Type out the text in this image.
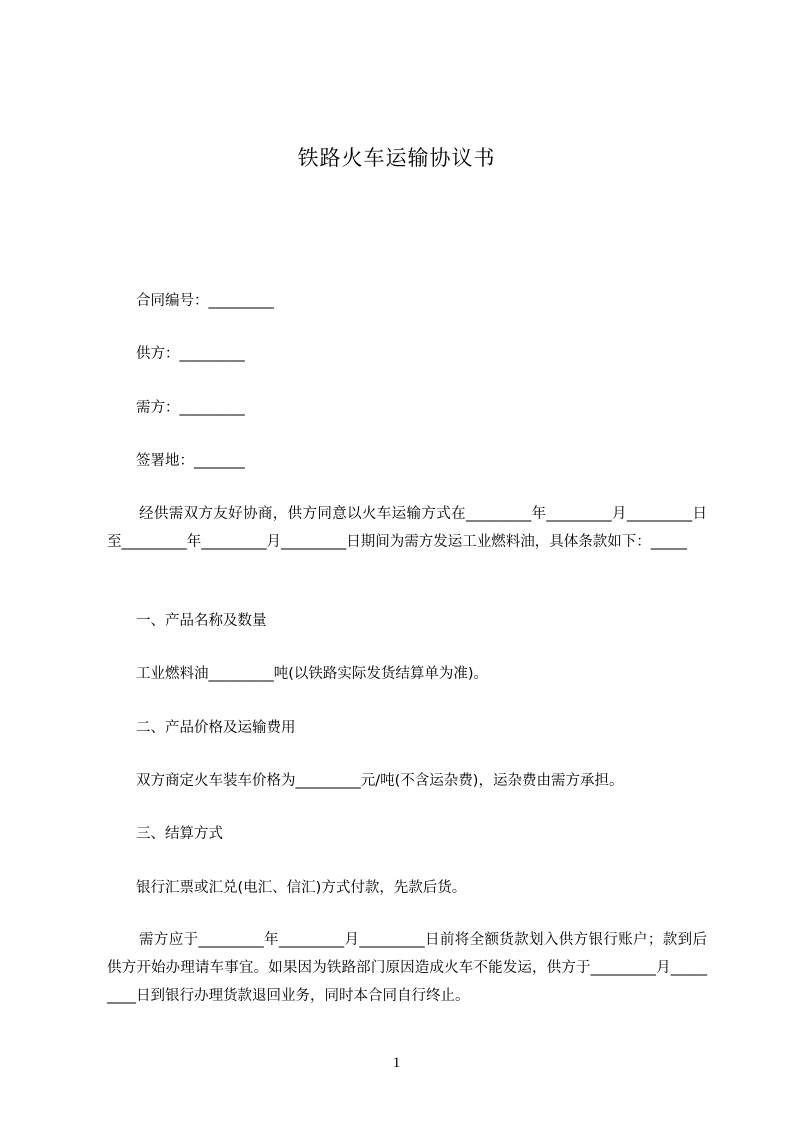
铁路火车运输协议书
合同编号：_________
供方：_________
需方：_________
签署地：_______
经供需双方友好协商，供方同意以火车运输方式在_________年_________月_________日至_________年_________月_________日期间为需方发运工业燃料油，具体条款如下：_____
一、产品名称及数量
工业燃料油_________吨(以铁路实际发货结算单为准)。
二、产品价格及运输费用
双方商定火车装车价格为_________元/吨(不含运杂费)，运杂费由需方承担。
三、结算方式
银行汇票或汇兑(电汇、信汇)方式付款，先款后货。
需方应于_________年_________月_________日前将全额货款划入供方银行账户；款到后供方开始办理请车事宜。如果因为铁路部门原因造成火车不能发运，供方于_________月_________日到银行办理货款退回业务，同时本合同自行终止。
1
